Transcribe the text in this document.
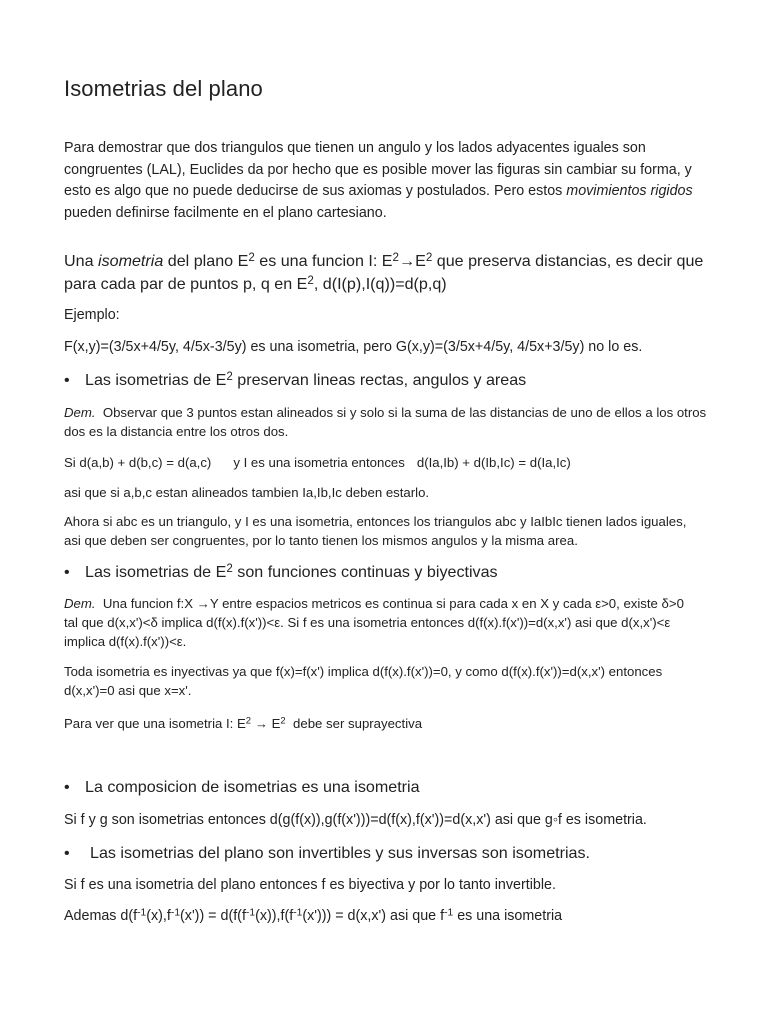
Isometrias del plano

Para demostrar que dos triangulos que tienen un angulo y los lados adyacentes iguales son congruentes (LAL), Euclides da por hecho que es posible mover las figuras sin cambiar su forma, y esto es algo que no puede deducirse de sus axiomas y postulados. Pero estos movimientos rigidos pueden definirse facilmente en el plano cartesiano.

Una isometria del plano $E^2$ es una funcion I: $E^2\to E^2$ que preserva distancias, es decir que para cada par de puntos p, q en $E^2$, d(I(p),I(q))=d(p,q)

Ejemplo:

F(x,y)=(3/5x+4/5y, 4/5x-3/5y) es una isometria, pero G(x,y)=(3/5x+4/5y, 4/5x+3/5y) no lo es.

• Las isometrias de $E^2$ preservan lineas rectas, angulos y areas

Dem.  Observar que 3 puntos estan alineados si y solo si la suma de las distancias de uno de ellos a los otros dos es la distancia entre los otros dos.

Si d(a,b) + d(b,c) = d(a,c) y I es una isometria entonces d(Ia,Ib) + d(Ib,Ic) = d(Ia,Ic)

asi que si a,b,c estan alineados tambien Ia,Ib,Ic deben estarlo.

Ahora si abc es un triangulo, y I es una isometria, entonces los triangulos abc y IaIbIc tienen lados iguales, asi que deben ser congruentes, por lo tanto tienen los mismos angulos y la misma area.

• Las isometrias de $E^2$ son funciones continuas y biyectivas

Dem.  Una funcion f:X →Y entre espacios metricos es continua si para cada x en X y cada ε>0, existe δ>0 tal que d(x,x')<δ implica d(f(x).f(x'))<ε. Si f es una isometria entonces d(f(x).f(x'))=d(x,x') asi que d(x,x')<ε implica d(f(x).f(x'))<ε.

Toda isometria es inyectivas ya que f(x)=f(x') implica d(f(x).f(x'))=0, y como d(f(x).f(x'))=d(x,x') entonces d(x,x')=0 asi que x=x'.

Para ver que una isometria I: $E^2 \to E^2$  debe ser suprayectiva

• La composicion de isometrias es una isometria

Si f y g son isometrias entonces d(g(f(x)),g(f(x')))=d(f(x),f(x'))=d(x,x') asi que g◦f es isometria.

• Las isometrias del plano son invertibles y sus inversas son isometrias.

Si f es una isometria del plano entonces f es biyectiva y por lo tanto invertible.

Ademas $d(f^{-1}(x),f^{-1}(x')) = d(f(f^{-1}(x)),f(f^{-1}(x'))) = d(x,x')$ asi que $f^{-1}$ es una isometria
